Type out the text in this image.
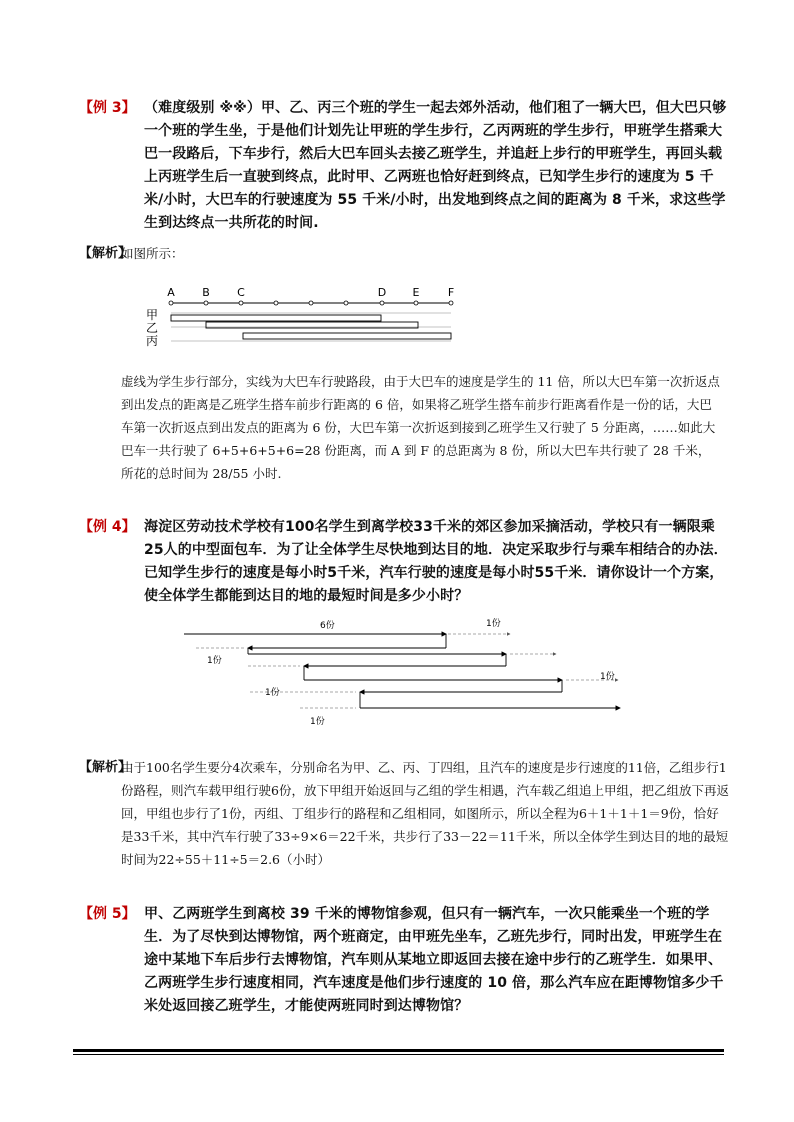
【例 3】 （难度级别 ※※）甲、乙、丙三个班的学生一起去郊外活动，他们租了一辆大巴，但大巴只够一个班的学生坐，于是他们计划先让甲班的学生步行，乙丙两班的学生步行，甲班学生搭乘大巴一段路后，下车步行，然后大巴车回头去接乙班学生，并追赶上步行的甲班学生，再回头载上丙班学生后一直驶到终点，此时甲、乙两班也恰好赶到终点，已知学生步行的速度为 5 千米/小时，大巴车的行驶速度为 55 千米/小时，出发地到终点之间的距离为 8 千米，求这些学生到达终点一共所花的时间.
【解析】
如图所示：
A B C	D E	F
甲
乙
丙
虚线为学生步行部分，实线为大巴车行驶路段，由于大巴车的速度是学生的 11 倍，所以大巴车第一次折返点到出发点的距离是乙班学生搭车前步行距离的 6 倍，如果将乙班学生搭车前步行距离看作是一份的话，大巴车第一次折返点到出发点的距离为 6 份，大巴车第一次折返到接到乙班学生又行驶了 5 分距离，……如此大巴车一共行驶了 6+5+6+5+6=28 份距离，而 A 到 F 的总距离为 8 份，所以大巴车共行驶了 28 千米，所花的总时间为 28/55 小时.
【例 4】 海淀区劳动技术学校有100名学生到离学校33千米的郊区参加采摘活动，学校只有一辆限乘25人的中型面包车．为了让全体学生尽快地到达目的地．决定采取步行与乘车相结合的办法．已知学生步行的速度是每小时5千米，汽车行驶的速度是每小时55千米．请你设计一个方案，使全体学生都能到达目的地的最短时间是多少小时？
6份	1份
1份
1份
1份
1份
【解析】
由于100名学生要分4次乘车，分别命名为甲、乙、丙、丁四组，且汽车的速度是步行速度的11倍，乙组步行1份路程，则汽车载甲组行驶6份，放下甲组开始返回与乙组的学生相遇，汽车载乙组追上甲组，把乙组放下再返回，甲组也步行了1份，丙组、丁组步行的路程和乙组相同，如图所示，所以全程为6＋1＋1＋1＝9份，恰好是33千米，其中汽车行驶了33÷9×6＝22千米，共步行了33－22＝11千米，所以全体学生到达目的地的最短时间为22÷55＋11÷5＝2.6（小时）
【例 5】 甲、乙两班学生到离校 39 千米的博物馆参观，但只有一辆汽车，一次只能乘坐一个班的学生．为了尽快到达博物馆，两个班商定，由甲班先坐车，乙班先步行，同时出发，甲班学生在途中某地下车后步行去博物馆，汽车则从某地立即返回去接在途中步行的乙班学生．如果甲、乙两班学生步行速度相同，汽车速度是他们步行速度的 10 倍，那么汽车应在距博物馆多少千米处返回接乙班学生，才能使两班同时到达博物馆？
